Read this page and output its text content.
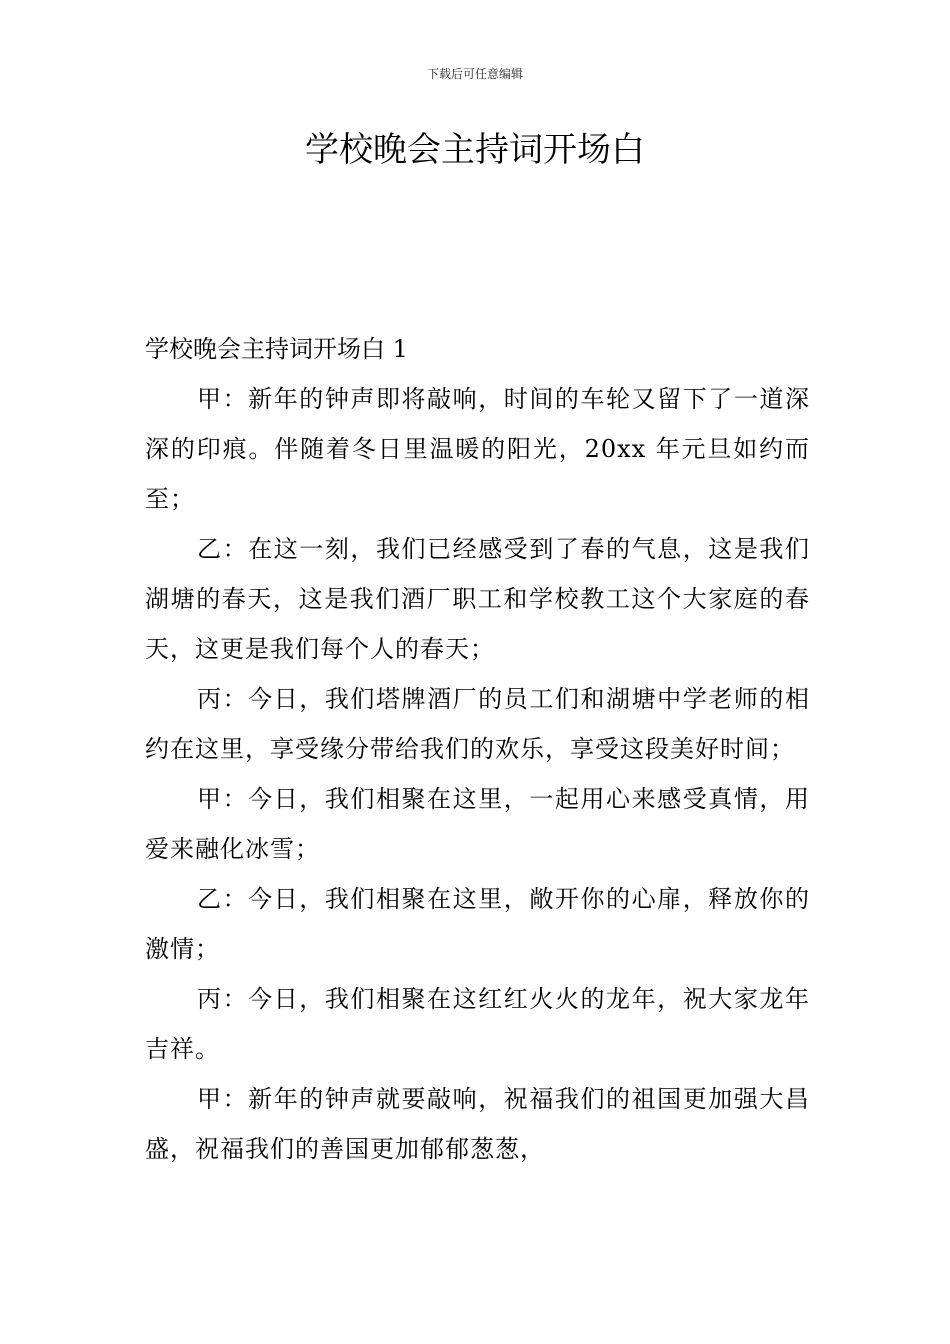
下载后可任意编辑
学校晚会主持词开场白

学校晚会主持词开场白 1

甲：新年的钟声即将敲响，时间的车轮又留下了一道深深的印痕。伴随着冬日里温暖的阳光，20xx 年元旦如约而至；

乙：在这一刻，我们已经感受到了春的气息，这是我们湖塘的春天，这是我们酒厂职工和学校教工这个大家庭的春天，这更是我们每个人的春天；

丙：今日，我们塔牌酒厂的员工们和湖塘中学老师的相约在这里，享受缘分带给我们的欢乐，享受这段美好时间；

甲：今日，我们相聚在这里，一起用心来感受真情，用爱来融化冰雪；

乙：今日，我们相聚在这里，敞开你的心扉，释放你的激情；

丙：今日，我们相聚在这红红火火的龙年，祝大家龙年吉祥。

甲：新年的钟声就要敲响，祝福我们的祖国更加强大昌盛，祝福我们的善国更加郁郁葱葱，
